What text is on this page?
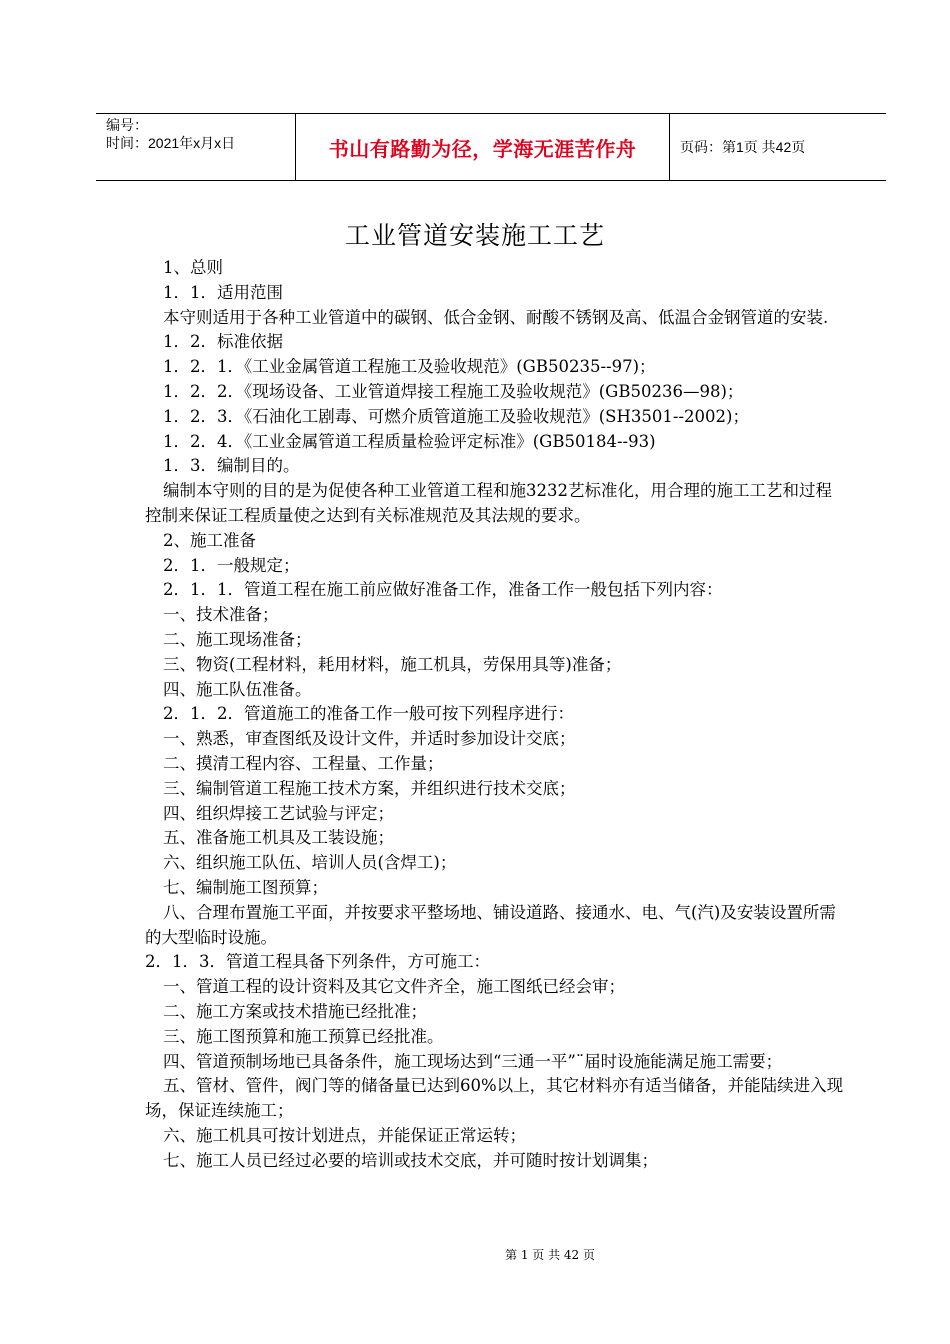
编号：
时间：2021年x月x日	书山有路勤为径，学海无涯苦作舟	页码：第1页 共42页
工业管道安装施工工艺

1、总则

1．1．适用范围

本守则适用于各种工业管道中的碳钢、低合金钢、耐酸不锈钢及高、低温合金钢管道的安装.

1．2．标准依据

1．2．1．《工业金属管道工程施工及验收规范》(GB50235--97)；

1．2．2．《现场设备、工业管道焊接工程施工及验收规范》(GB50236—98)；

1．2．3．《石油化工剧毒、可燃介质管道施工及验收规范》(SH3501--2002)；

1．2．4．《工业金属管道工程质量检验评定标准》(GB50184--93)

1．3．编制目的。

编制本守则的目的是为促使各种工业管道工程和施3232艺标准化，用合理的施工工艺和过程控制来保证工程质量使之达到有关标准规范及其法规的要求。

2、施工准备

2．1．一般规定；

2．1．1．管道工程在施工前应做好准备工作，准备工作一般包括下列内容：

一、技术准备；

二、施工现场准备；

三、物资(工程材料，耗用材料，施工机具，劳保用具等)准备；

四、施工队伍准备。

2．1．2．管道施工的准备工作一般可按下列程序进行：

一、熟悉，审查图纸及设计文件，并适时参加设计交底；

二、摸清工程内容、工程量、工作量；

三、编制管道工程施工技术方案，并组织进行技术交底；

四、组织焊接工艺试验与评定；

五、准备施工机具及工装设施；

六、组织施工队伍、培训人员(含焊工)；

七、编制施工图预算；

八、合理布置施工平面，并按要求平整场地、铺设道路、接通水、电、气(汽)及安装设置所需的大型临时设施。

2．1．3．管道工程具备下列条件，方可施工：

一、管道工程的设计资料及其它文件齐全，施工图纸已经会审；

二、施工方案或技术措施已经批准；

三、施工图预算和施工预算已经批准。

四、管道预制场地已具备条件，施工现场达到“三通一平”¨届时设施能满足施工需要；

五、管材、管件，阀门等的储备量已达到60%以上，其它材料亦有适当储备，并能陆续进入现场，保证连续施工；

六、施工机具可按计划进点，并能保证正常运转；

七、施工人员已经过必要的培训或技术交底，并可随时按计划调集；

第 1 页 共 42 页
